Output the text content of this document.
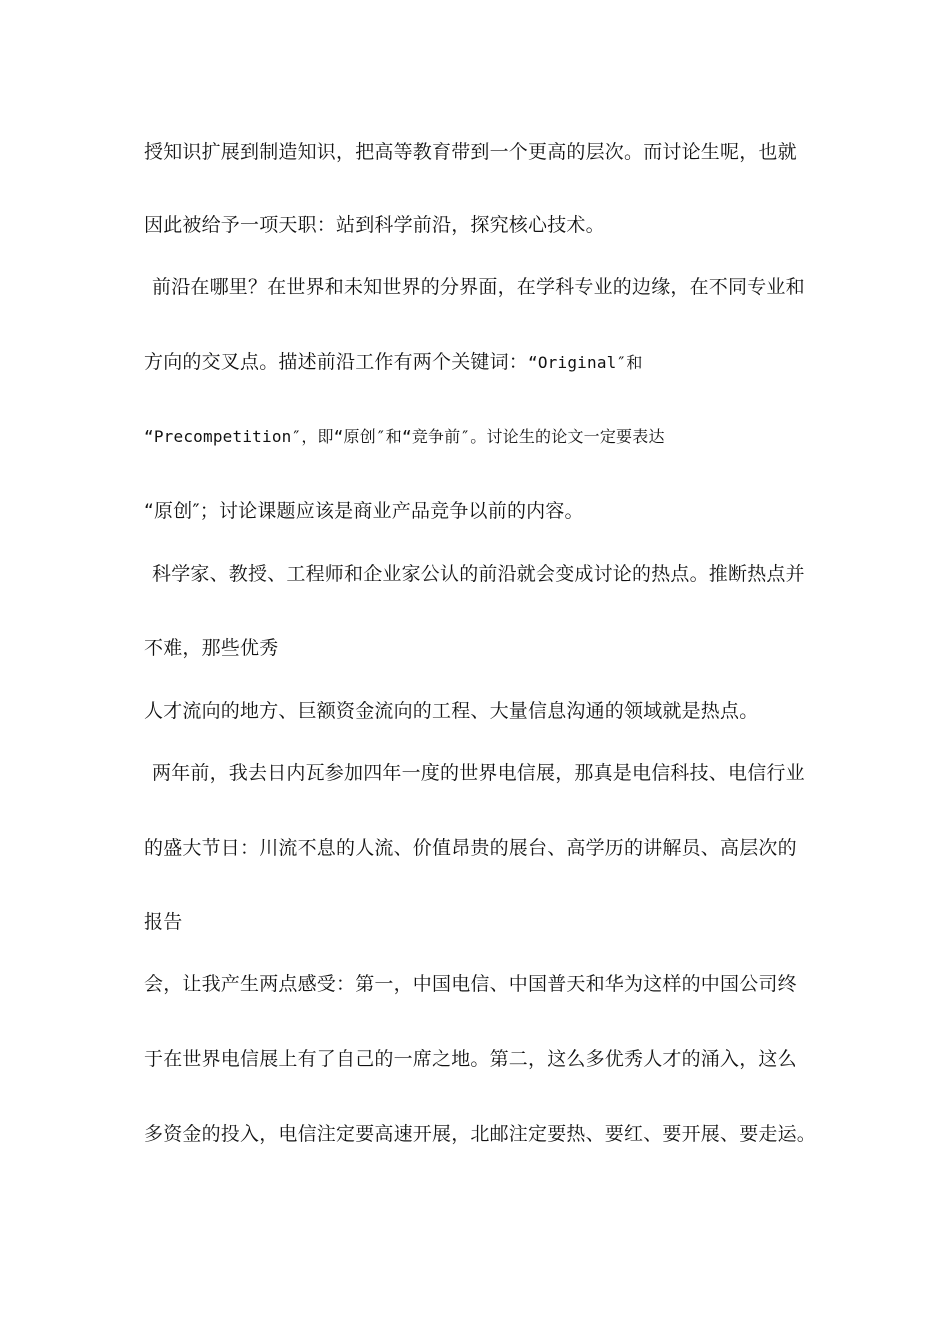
授知识扩展到制造知识，把高等教育带到一个更高的层次。而讨论生呢，也就
因此被给予一项天职：站到科学前沿，探究核心技术。
前沿在哪里？在世界和未知世界的分界面，在学科专业的边缘，在不同专业和
方向的交叉点。描述前沿工作有两个关键词：“Original″和
“Precompetition″，即“原创″和“竞争前″。讨论生的论文一定要表达
“原创″；讨论课题应该是商业产品竞争以前的内容。
科学家、教授、工程师和企业家公认的前沿就会变成讨论的热点。推断热点并
不难，那些优秀
人才流向的地方、巨额资金流向的工程、大量信息沟通的领域就是热点。
两年前，我去日内瓦参加四年一度的世界电信展，那真是电信科技、电信行业
的盛大节日：川流不息的人流、价值昂贵的展台、高学历的讲解员、高层次的
报告
会，让我产生两点感受：第一，中国电信、中国普天和华为这样的中国公司终
于在世界电信展上有了自己的一席之地。第二，这么多优秀人才的涌入，这么
多资金的投入，电信注定要高速开展，北邮注定要热、要红、要开展、要走运。
